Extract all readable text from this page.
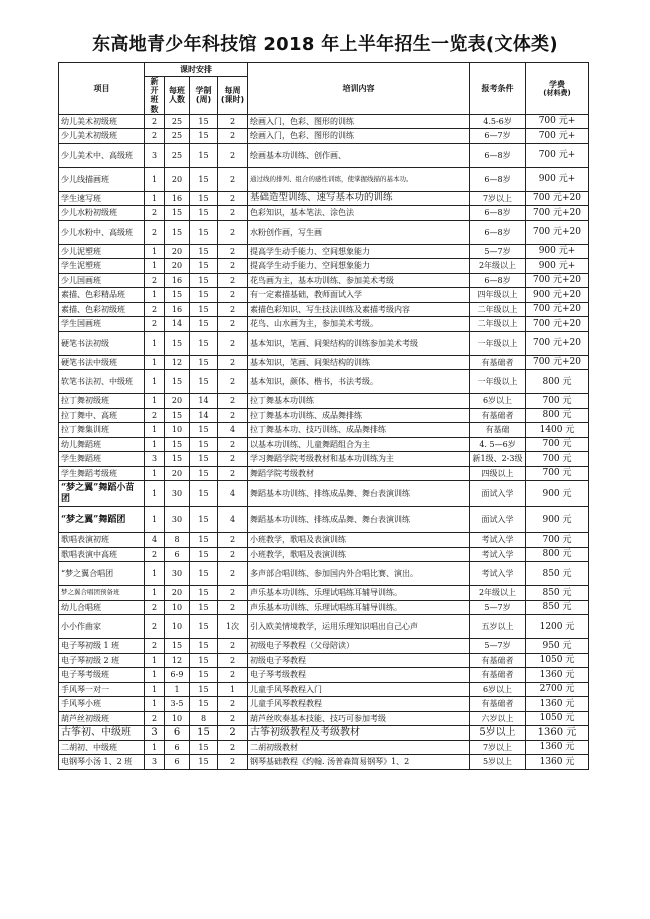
东高地青少年科技馆 2018 年上半年招生一览表(文体类)
项目	课时安排				培训内容	报考条件	学费
(材料费)

	新开班数	每班人数	学制(周)	每周(课时)			
幼儿美术初级班	2	25	15	2	绘画入门，色彩、图形的训练	4.5-6岁	700 元+
少儿美术初级班	2	25	15	2	绘画入门，色彩、图形的训练	6—7岁	700 元+
少儿美术中、高级班	3	25	15	2	绘画基本功训练、创作画、	6—8岁	700 元+
少儿线描画班	1	20	15	2	通过线的排列、组合的感性训练，使掌握线描的基本功。	6—8岁	900 元+
学生速写班	1	16	15	2	基础造型训练、速写基本功的训练	7岁以上	700 元+20
少儿水粉初级班	2	15	15	2	色彩知识，基本笔法、涂色法	6—8岁	700 元+20
少儿水粉中、高级班	2	15	15	2	水粉创作画，写生画	6—8岁	700 元+20
少儿泥塑班	1	20	15	2	提高学生动手能力、空间想象能力	5—7岁	900 元+
学生泥塑班	1	20	15	2	提高学生动手能力、空间想象能力	2年级以上	900 元+
少儿国画班	2	16	15	2	花鸟画为主，基本功训练、参加美术考级	6—8岁	700 元+20
素描、色彩精品班	1	15	15	2	有一定素描基础，教师面试入学	四年级以上	900 元+20
素描、色彩初级班	2	16	15	2	素描色彩知识、写生技法训练及素描考级内容	二年级以上	700 元+20
学生国画班	2	14	15	2	花鸟、山水画为主，参加美术考级。	二年级以上	700 元+20
硬笔书法初级	1	15	15	2	基本知识，笔画、间架结构的训练参加美术考级	一年级以上	700 元+20
硬笔书法中级班	1	12	15	2	基本知识，笔画、间架结构的训练	有基础者	700 元+20
软笔书法初、中级班	1	15	15	2	基本知识，颜体、楷书，书法考级。	一年级以上	800 元
拉丁舞初级班	1	20	14	2	拉丁舞基本功训练	6岁以上	700 元
拉丁舞中、高班	2	15	14	2	拉丁舞基本功训练、成品舞排练	有基础者	800 元
拉丁舞集训班	1	10	15	4	拉丁舞基本功、技巧训练、成品舞排练	有基础	1400 元
幼儿舞蹈班	1	15	15	2	以基本功训练、儿童舞蹈组合为主	4. 5—6岁	700 元
学生舞蹈班	3	15	15	2	学习舞蹈学院考级教材和基本功训练为主	新1级、2-3级	700 元
学生舞蹈考级班	1	20	15	2	舞蹈学院考级教材	四级以上	700 元
“梦之翼”舞蹈小苗团	1	30	15	4	舞蹈基本功训练、排练成品舞、舞台表演训练	面试入学	900 元
“梦之翼”舞蹈团	1	30	15	4	舞蹈基本功训练、排练成品舞、舞台表演训练	面试入学	900 元
歌唱表演初班	4	8	15	2	小班教学，歌唱及表演训练	考试入学	700 元
歌唱表演中高班	2	6	15	2	小班教学，歌唱及表演训练	考试入学	800 元
“梦之翼合唱团	1	30	15	2	多声部合唱训练、参加国内外合唱比赛、演出。	考试入学	850 元
梦之翼合唱团预备班	1	20	15	2	声乐基本功训练、乐理试唱练耳辅导训练。	2年级以上	850 元
幼儿合唱班	2	10	15	2	声乐基本功训练、乐理试唱练耳辅导训练。	5—7岁	850 元
小小作曲家	2	10	15	1次	引入欧美情境教学，运用乐理知识唱出自己心声	五岁以上	1200 元
电子琴初级 1 班	2	15	15	2	初级电子琴教程（父母陪读）	5—7岁	950 元
电子琴初级 2 班	1	12	15	2	初级电子琴教程	有基础者	1050 元
电子琴考级班	1	6-9	15	2	电子琴考级教程	有基础者	1360 元
手风琴一对一	1	1	15	1	儿童手风琴教程入门	6岁以上	2700 元
手风琴小班	1	3-5	15	2	儿童手风琴教程教程	有基础者	1360 元
葫芦丝初级班	2	10	8	2	葫芦丝吹奏基本技能、技巧可参加考级	六岁以上	1050 元
古筝初、中级班	3	6	15	2	古筝初级教程及考级教材	5岁以上	1360 元
二胡初、中级班	1	6	15	2	二胡初级教材	7岁以上	1360 元
电钢琴小汤 1、2 班	3	6	15	2	钢琴基础教程《约翰. 汤普森简易钢琴》1、2	5岁以上	1360 元
